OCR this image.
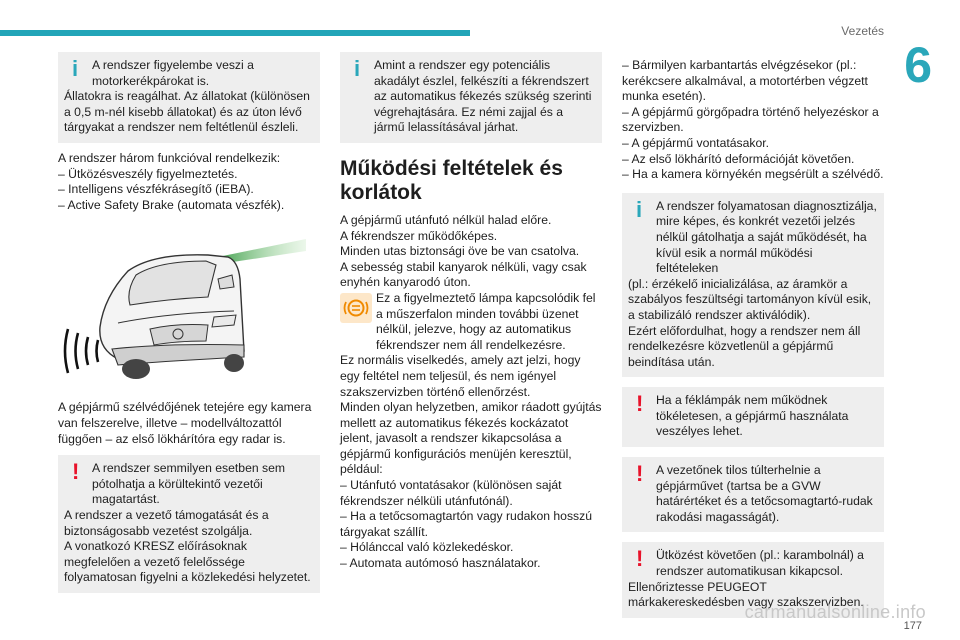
Vezetés
6
i	A rendszer figyelembe veszi a motorkerékpárokat is.
Állatokra is reagálhat. Az állatokat (különösen a 0,5 m-nél kisebb állatokat) és az úton lévő tárgyakat a rendszer nem feltétlenül észleli.
A rendszer három funkcióval rendelkezik:
– Ütközésveszély figyelmeztetés.
– Intelligens vészfékrásegítő (iEBA).
– Active Safety Brake (automata vészfék).
A gépjármű szélvédőjének tetejére egy kamera van felszerelve, illetve – modellváltozattól függően – az első lökhárítóra egy radar is.
!	A rendszer semmilyen esetben sem pótolhatja a körültekintő vezetői magatartást.
A rendszer a vezető támogatását és a biztonságosabb vezetést szolgálja.
A vonatkozó KRESZ előírásoknak megfelelően a vezető felelőssége folyamatosan figyelni a közlekedési helyzetet.
i	Amint a rendszer egy potenciális akadályt észlel, felkészíti a fékrendszert az automatikus fékezés szükség szerinti végrehajtására. Ez némi zajjal és a jármű lelassításával járhat.
Működési feltételek és korlátok
A gépjármű utánfutó nélkül halad előre.
A fékrendszer működőképes.
Minden utas biztonsági öve be van csatolva.
A sebesség stabil kanyarok nélküli, vagy csak enyhén kanyarodó úton.
Ez a figyelmeztető lámpa kapcsolódik fel a műszerfalon minden további üzenet nélkül, jelezve, hogy az automatikus fékrendszer nem áll rendelkezésre.
Ez normális viselkedés, amely azt jelzi, hogy egy feltétel nem teljesül, és nem igényel szakszervizben történő ellenőrzést.
Minden olyan helyzetben, amikor ráadott gyújtás mellett az automatikus fékezés kockázatot jelent, javasolt a rendszer kikapcsolása a gépjármű konfigurációs menüjén keresztül, például:
– Utánfutó vontatásakor (különösen saját fékrendszer nélküli utánfutónál).
– Ha a tetőcsomagtartón vagy rudakon hosszú tárgyakat szállít.
– Hólánccal való közlekedéskor.
– Automata autómosó használatakor.
– Bármilyen karbantartás elvégzésekor (pl.: kerékcsere alkalmával, a motortérben végzett munka esetén).
– A gépjármű görgőpadra történő helyezéskor a szervizben.
– A gépjármű vontatásakor.
– Az első lökhárító deformációját követően.
– Ha a kamera környékén megsérült a szélvédő.
i	A rendszer folyamatosan diagnosztizálja, mire képes, és konkrét vezetői jelzés nélkül gátolhatja a saját működését, ha kívül esik a normál működési feltételeken
(pl.: érzékelő inicializálása, az áramkör a szabályos feszültségi tartományon kívül esik, a stabilizáló rendszer aktiválódik).
Ezért előfordulhat, hogy a rendszer nem áll rendelkezésre közvetlenül a gépjármű beindítása után.
!	Ha a féklámpák nem működnek tökéletesen, a gépjármű használata veszélyes lehet.
!	A vezetőnek tilos túlterhelnie a gépjárművet (tartsa be a GVW határértéket és a tetőcsomagtartó-rudak rakodási magasságát).
!	Ütközést követően (pl.: karambolnál) a rendszer automatikusan kikapcsol.
Ellenőriztesse PEUGEOT márkakereskedésben vagy szakszervizben.
carmanualsonline.info
177
